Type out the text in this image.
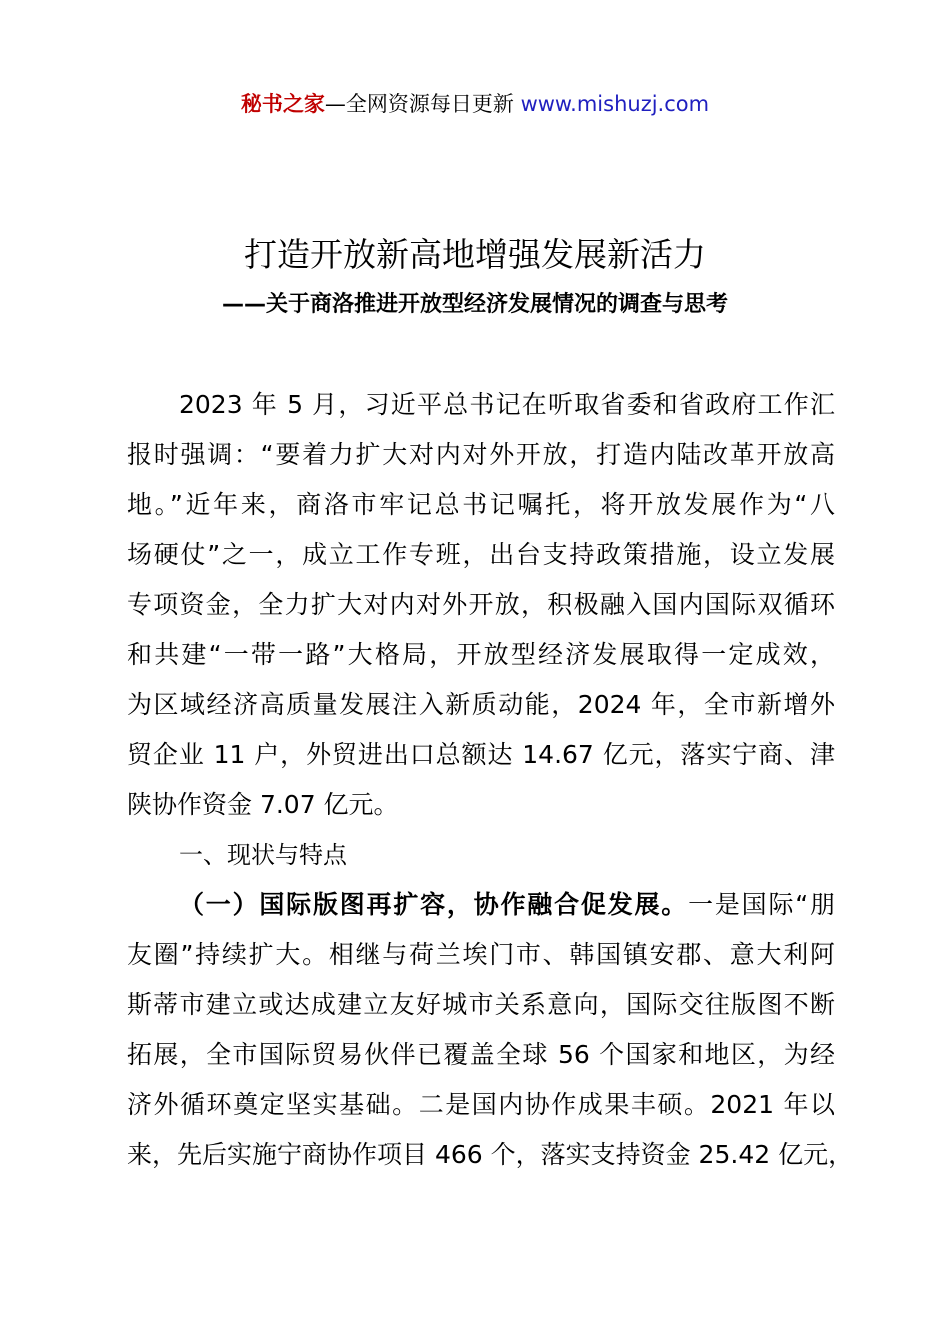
秘书之家—全网资源每日更新 www.mishuzj.com
打造开放新高地增强发展新活力
——关于商洛推进开放型经济发展情况的调查与思考
2023 年 5 月，习近平总书记在听取省委和省政府工作汇
报时强调：“要着力扩大对内对外开放，打造内陆改革开放高
地。”近年来，商洛市牢记总书记嘱托，将开放发展作为“八
场硬仗”之一，成立工作专班，出台支持政策措施，设立发展
专项资金，全力扩大对内对外开放，积极融入国内国际双循环
和共建“一带一路”大格局，开放型经济发展取得一定成效，
为区域经济高质量发展注入新质动能，2024 年，全市新增外
贸企业 11 户，外贸进出口总额达 14.67 亿元，落实宁商、津
陕协作资金 7.07 亿元。
一、现状与特点
（一）国际版图再扩容，协作融合促发展。一是国际“朋
友圈”持续扩大。相继与荷兰埃门市、韩国镇安郡、意大利阿
斯蒂市建立或达成建立友好城市关系意向，国际交往版图不断
拓展，全市国际贸易伙伴已覆盖全球 56 个国家和地区，为经
济外循环奠定坚实基础。二是国内协作成果丰硕。2021 年以
来，先后实施宁商协作项目 466 个，落实支持资金 25.42 亿元，
